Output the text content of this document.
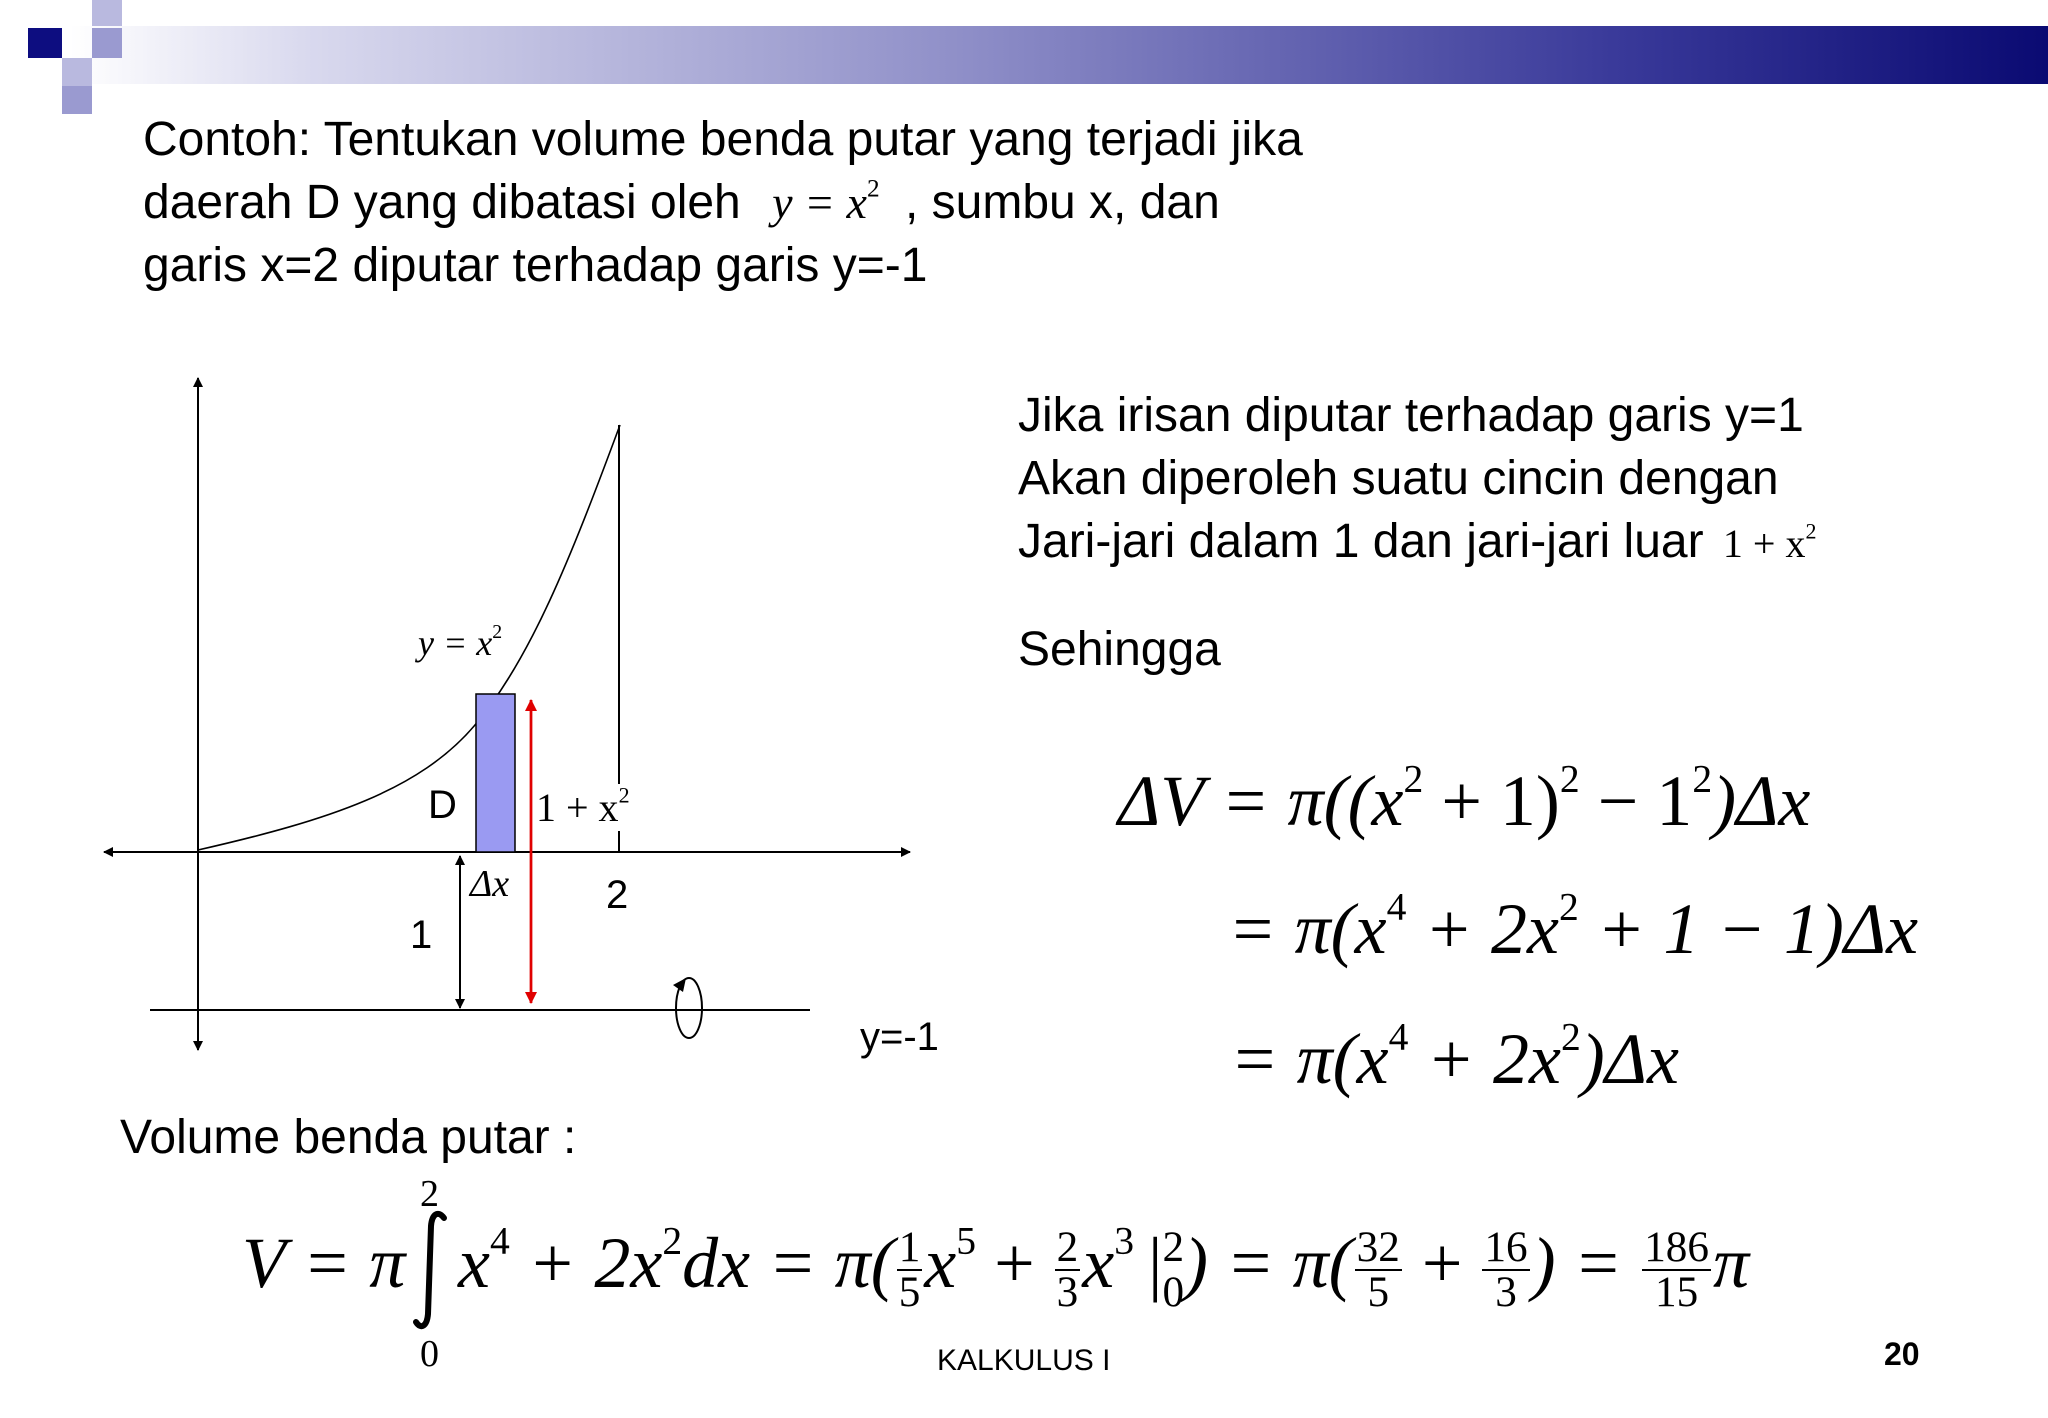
Contoh: Tentukan volume benda putar yang terjadi jika
daerah D yang dibatasi oleh $y = x^2$ , sumbu x, dan
garis x=2 diputar terhadap garis y=-1
D
2
1
y=-1
$y = x^2$
$1 + x^2$
Δx
Jika irisan diputar terhadap garis y=1
Akan diperoleh suatu cincin dengan
Jari-jari dalam 1 dan jari-jari luar $1 + x^2$
Sehingga
$\Delta V = \pi((x^2 + 1)^2 - 1^2)\Delta x$
= $\pi(x^4 + 2x^2 + 1 - 1)\Delta x$
= $\pi(x^4 + 2x^2)\Delta x$
Volume benda putar :
2
0
V = π $x^4 + 2x^2dx = \pi( \frac{1}{5} x^5 + \frac{2}{3} x^3$ | 2
0 ) = $\pi( \frac{32}{5} + \frac{16}{3}$ ) = $\frac{186}{15}$ π
KALKULUS I	20
